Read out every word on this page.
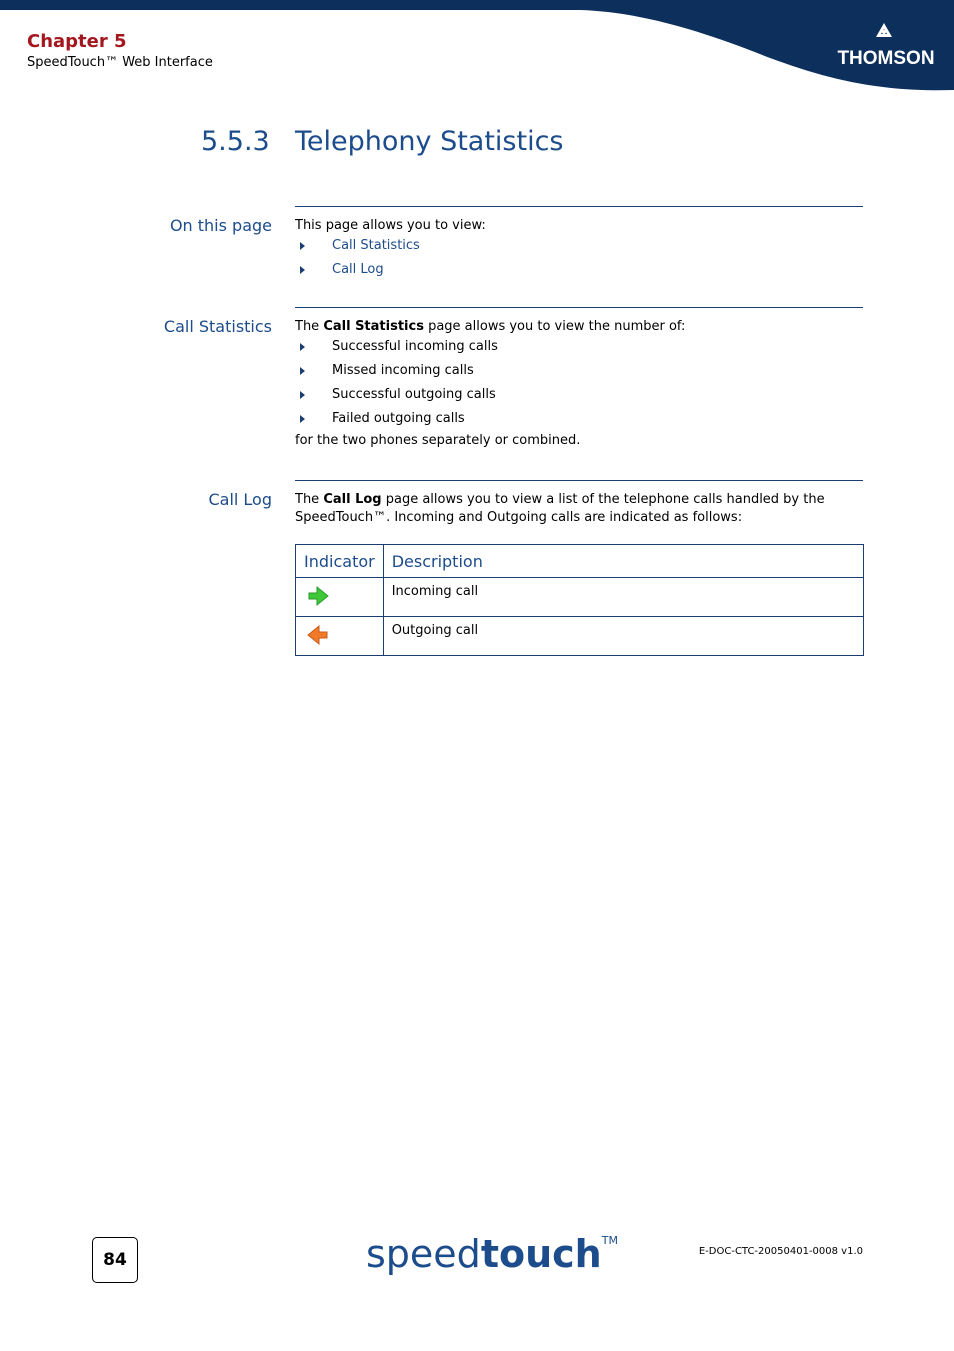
Chapter 5
SpeedTouch™ Web Interface	THOMSON
5.5.3 Telephony Statistics
On this page This page allows you to view:
Call Statistics
Call Log
Call Statistics The Call Statistics page allows you to view the number of:
Successful incoming calls
Missed incoming calls
Successful outgoing calls
Failed outgoing calls
for the two phones separately or combined.
Call Log The Call Log page allows you to view a list of the telephone calls handled by the SpeedTouch™. Incoming and Outgoing calls are indicated as follows:
Indicator	Description
	Incoming call
	Outgoing call
84	speedtouch™
E-DOC-CTC-20050401-0008 v1.0
